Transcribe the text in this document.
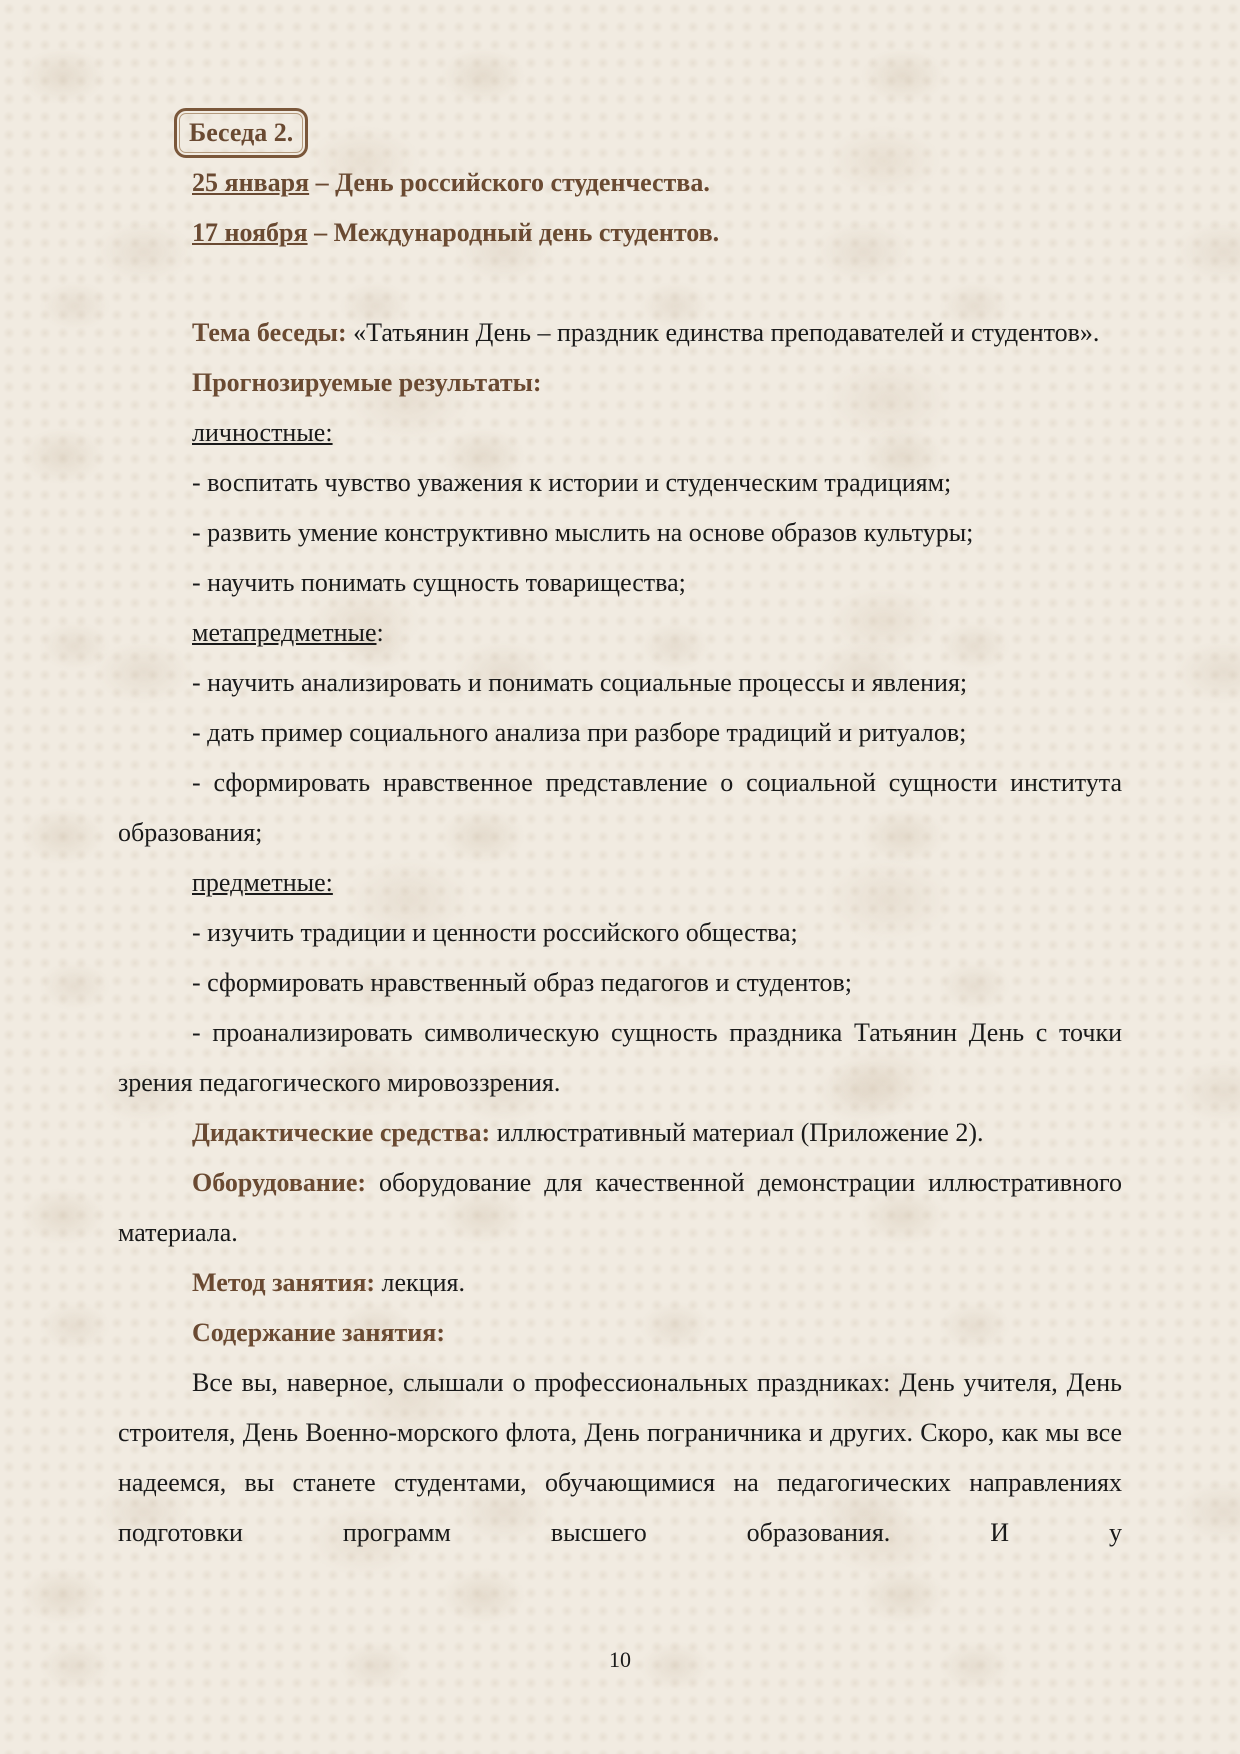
Беседа 2.

25 января – День российского студенчества.

17 ноября – Международный день студентов.

Тема беседы: «Татьянин День – праздник единства преподавателей и студентов».

Прогнозируемые результаты:

личностные:

- воспитать чувство уважения к истории и студенческим традициям;

- развить умение конструктивно мыслить на основе образов культуры;

- научить понимать сущность товарищества;

метапредметные:

- научить анализировать и понимать социальные процессы и явления;

- дать пример социального анализа при разборе традиций и ритуалов;

- сформировать нравственное представление о социальной сущности института образования;

предметные:

- изучить традиции и ценности российского общества;

- сформировать нравственный образ педагогов и студентов;

- проанализировать символическую сущность праздника Татьянин День с точки зрения педагогического мировоззрения.

Дидактические средства: иллюстративный материал (Приложение 2).

Оборудование: оборудование для качественной демонстрации иллюстративного материала.

Метод занятия: лекция.

Содержание занятия:

Все вы, наверное, слышали о профессиональных праздниках: День учителя, День строителя, День Военно-морского флота, День пограничника и других. Скоро, как мы все надеемся, вы станете студентами, обучающимися на педагогических направлениях подготовки программ высшего образования. И у

10
